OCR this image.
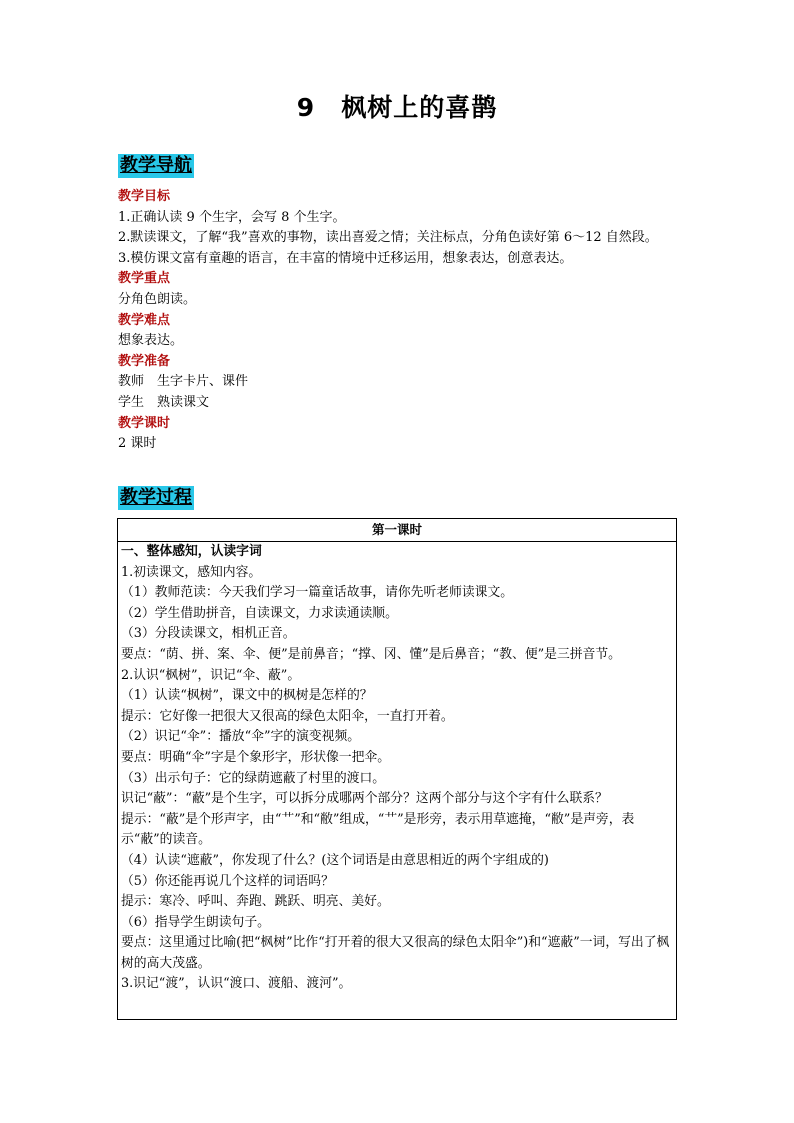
9 枫树上的喜鹊
教学导航
教学目标
1.正确认读 9 个生字，会写 8 个生字。
2.默读课文，了解“我”喜欢的事物，读出喜爱之情；关注标点，分角色读好第 6～12 自然段。
3.模仿课文富有童趣的语言，在丰富的情境中迁移运用，想象表达，创意表达。
教学重点
分角色朗读。
教学难点
想象表达。
教学准备
教师　生字卡片、课件
学生　熟读课文
教学课时
2 课时
教学过程
第一课时
一、整体感知，认读字词
1.初读课文，感知内容。
（1）教师范读：今天我们学习一篇童话故事，请你先听老师读课文。
（2）学生借助拼音，自读课文，力求读通读顺。
（3）分段读课文，相机正音。
要点：“荫、拼、案、伞、便”是前鼻音；“撑、冈、懂”是后鼻音；“教、便”是三拼音节。
2.认识“枫树”，识记“伞、蔽”。
（1）认读“枫树”，课文中的枫树是怎样的？
提示：它好像一把很大又很高的绿色太阳伞，一直打开着。
（2）识记“伞”：播放“伞”字的演变视频。
要点：明确“伞”字是个象形字，形状像一把伞。
（3）出示句子：它的绿荫遮蔽了村里的渡口。
识记“蔽”：“蔽”是个生字，可以拆分成哪两个部分？这两个部分与这个字有什么联系？
提示：“蔽”是个形声字，由“艹”和“敝”组成，“艹”是形旁，表示用草遮掩，“敝”是声旁，表示“蔽”的读音。
（4）认读“遮蔽”，你发现了什么？(这个词语是由意思相近的两个字组成的)
（5）你还能再说几个这样的词语吗？
提示：寒冷、呼叫、奔跑、跳跃、明亮、美好。
（6）指导学生朗读句子。
要点：这里通过比喻(把“枫树”比作“打开着的很大又很高的绿色太阳伞”)和“遮蔽”一词，写出了枫树的高大茂盛。
3.识记“渡”，认识“渡口、渡船、渡河”。
